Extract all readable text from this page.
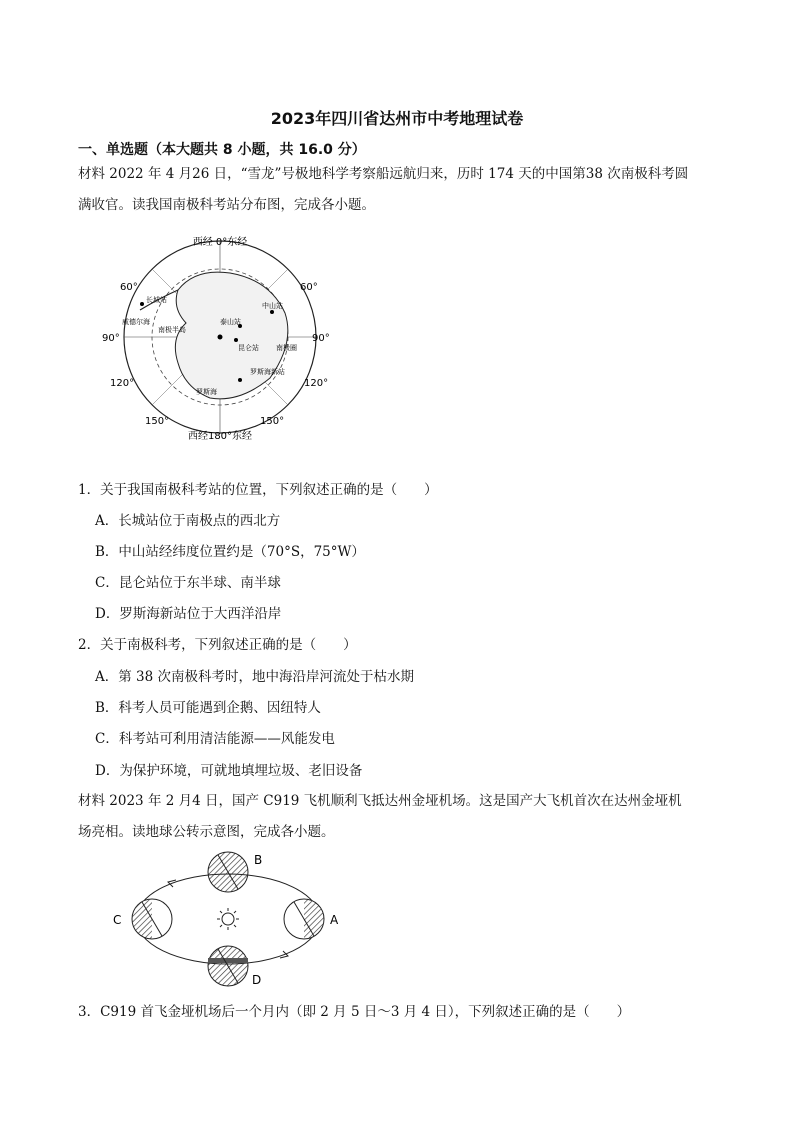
2023年四川省达州市中考地理试卷
一、单选题（本大题共 8 小题，共 16.0 分）
材料 2022 年 4 月26 日，“雪龙”号极地科学考察船远航归来，历时 174 天的中国第38 次南极科考圆
满收官。读我国南极科考站分布图，完成各小题。
西经 0°东经
西经180°东经
60°
90°
120°
150°
60°
90°
120°
150°
长城站
中山站
泰山站
昆仑站
罗斯海新站
威德尔海
南极半岛
罗斯海
南极圈
1．关于我国南极科考站的位置，下列叙述正确的是（　　）
A．长城站位于南极点的西北方
B．中山站经纬度位置约是（70°S，75°W）
C．昆仑站位于东半球、南半球
D．罗斯海新站位于大西洋沿岸
2．关于南极科考，下列叙述正确的是（　　）
A．第 38 次南极科考时，地中海沿岸河流处于枯水期
B．科考人员可能遇到企鹅、因纽特人
C．科考站可利用清洁能源——风能发电
D．为保护环境，可就地填埋垃圾、老旧设备
材料 2023 年 2 月4 日，国产 C919 飞机顺利飞抵达州金垭机场。这是国产大飞机首次在达州金垭机
场亮相。读地球公转示意图，完成各小题。
B
A
C
D
3．C919 首飞金垭机场后一个月内（即 2 月 5 日～3 月 4 日），下列叙述正确的是（　　）
